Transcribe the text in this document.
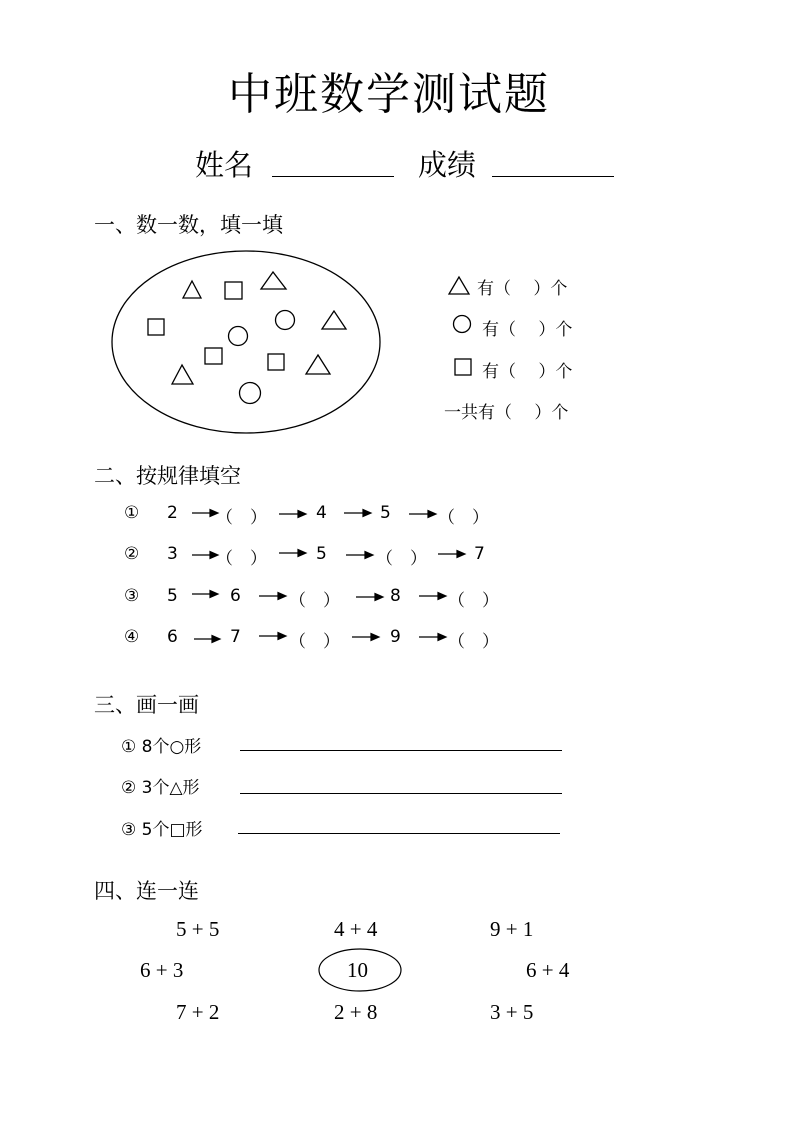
中班数学测试题
姓名	成绩
一、数一数，填一填
有（　 ）个
有（　 ）个
有（　 ）个
一共有（　 ）个
二、按规律填空
① 2 （　）	4	5	（　）
② 3 （　）	5	（　）	7
③ 5	6	（　）	8	（　）
④ 6	7	（　）	9	（　）
三、画一画
① 8个○形
② 3个△形
③ 5个□形
四、连一连
5 + 5	4 + 4	9 + 1
6 + 3	10	6 + 4
7 + 2	2 + 8	3 + 5
